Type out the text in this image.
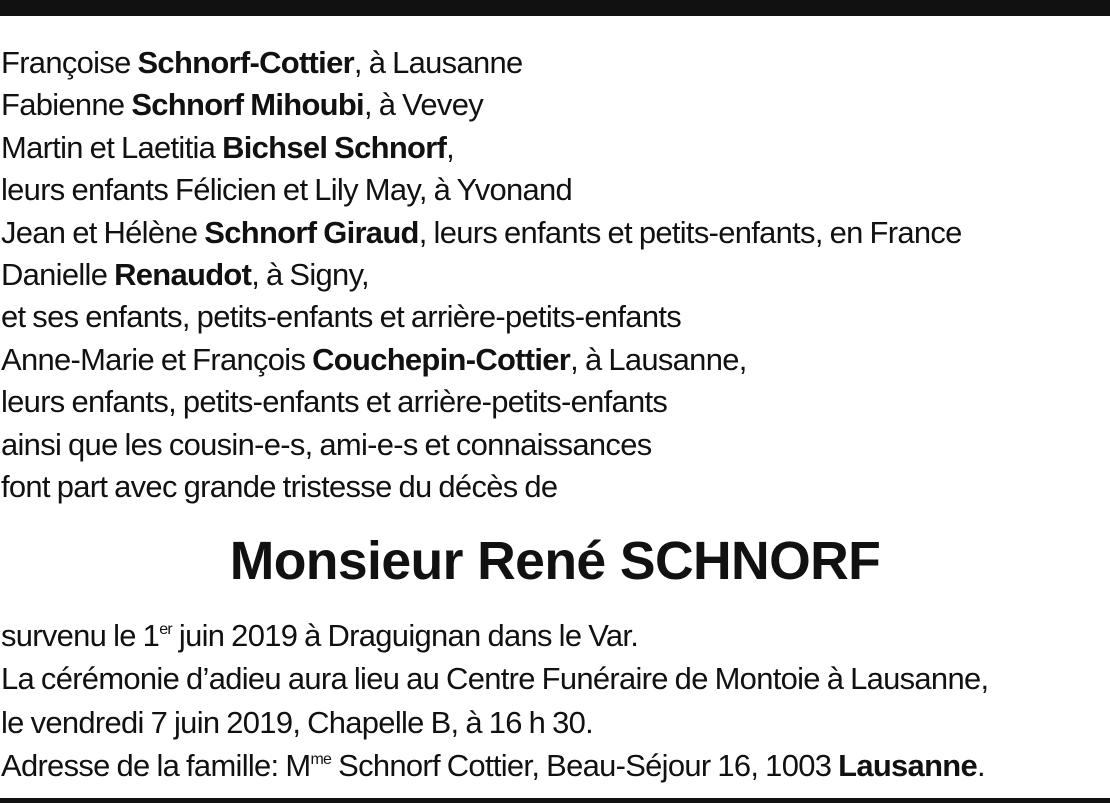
Françoise Schnorf-Cottier, à Lausanne
Fabienne Schnorf Mihoubi, à Vevey
Martin et Laetitia Bichsel Schnorf,
leurs enfants Félicien et Lily May, à Yvonand
Jean et Hélène Schnorf Giraud, leurs enfants et petits-enfants, en France
Danielle Renaudot, à Signy,
et ses enfants, petits-enfants et arrière-petits-enfants
Anne-Marie et François Couchepin-Cottier, à Lausanne,
leurs enfants, petits-enfants et arrière-petits-enfants
ainsi que les cousin-e-s, ami-e-s et connaissances
font part avec grande tristesse du décès de
Monsieur René SCHNORF
survenu le 1er juin 2019 à Draguignan dans le Var.
La cérémonie d’adieu aura lieu au Centre Funéraire de Montoie à Lausanne,
le vendredi 7 juin 2019, Chapelle B, à 16 h 30.
Adresse de la famille: $M^{me}$ Schnorf Cottier, Beau-Séjour 16, 1003 Lausanne.
